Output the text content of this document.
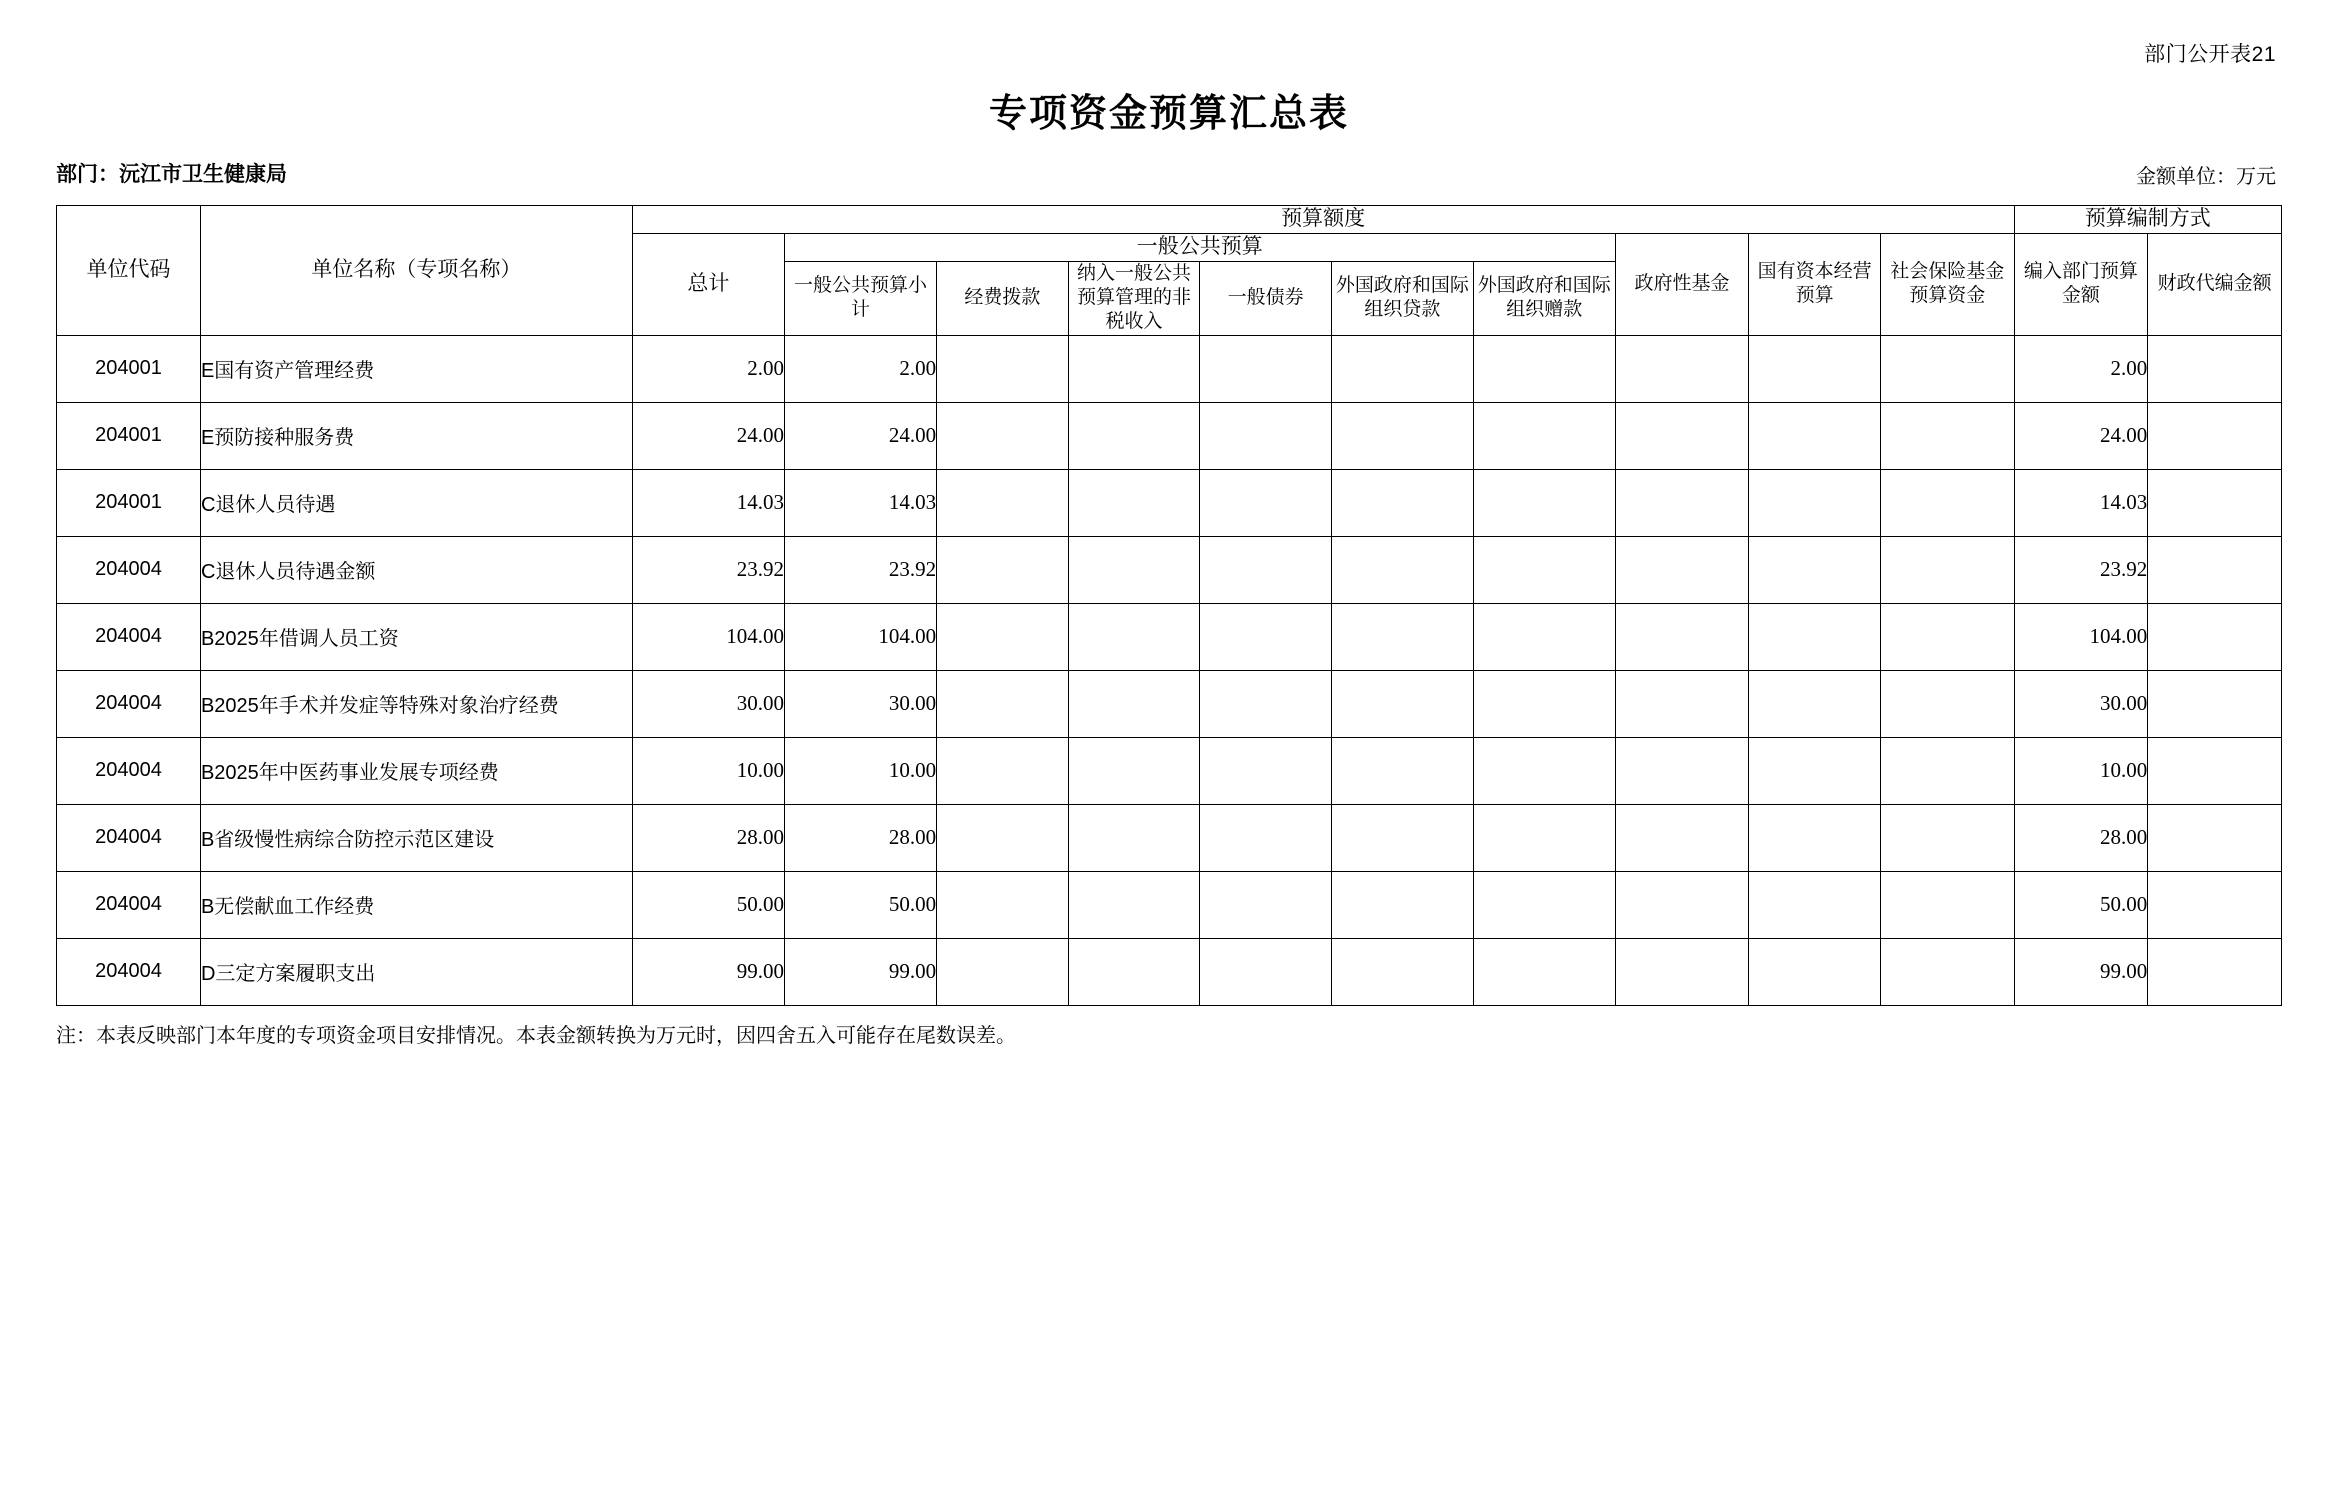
部门公开表21
专项资金预算汇总表
部门：沅江市卫生健康局	金额单位：万元
单位代码	单位名称（专项名称）	预算额度										预算编制方式	
		总计	一般公共预算						政府性基金	国有资本经营预算	社会保险基金预算资金	编入部门预算金额	财政代编金额
			一般公共预算小计	经费拨款	纳入一般公共预算管理的非税收入	一般债券	外国政府和国际组织贷款	外国政府和国际组织赠款					
204001	E国有资产管理经费	2.00	2.00									2.00	
204001	E预防接种服务费	24.00	24.00									24.00	
204001	C退休人员待遇	14.03	14.03									14.03	
204004	C退休人员待遇金额	23.92	23.92									23.92	
204004	B2025年借调人员工资	104.00	104.00									104.00	
204004	B2025年手术并发症等特殊对象治疗经费	30.00	30.00									30.00	
204004	B2025年中医药事业发展专项经费	10.00	10.00									10.00	
204004	B省级慢性病综合防控示范区建设	28.00	28.00									28.00	
204004	B无偿献血工作经费	50.00	50.00									50.00	
204004	D三定方案履职支出	99.00	99.00									99.00	
注：本表反映部门本年度的专项资金项目安排情况。本表金额转换为万元时，因四舍五入可能存在尾数误差。
